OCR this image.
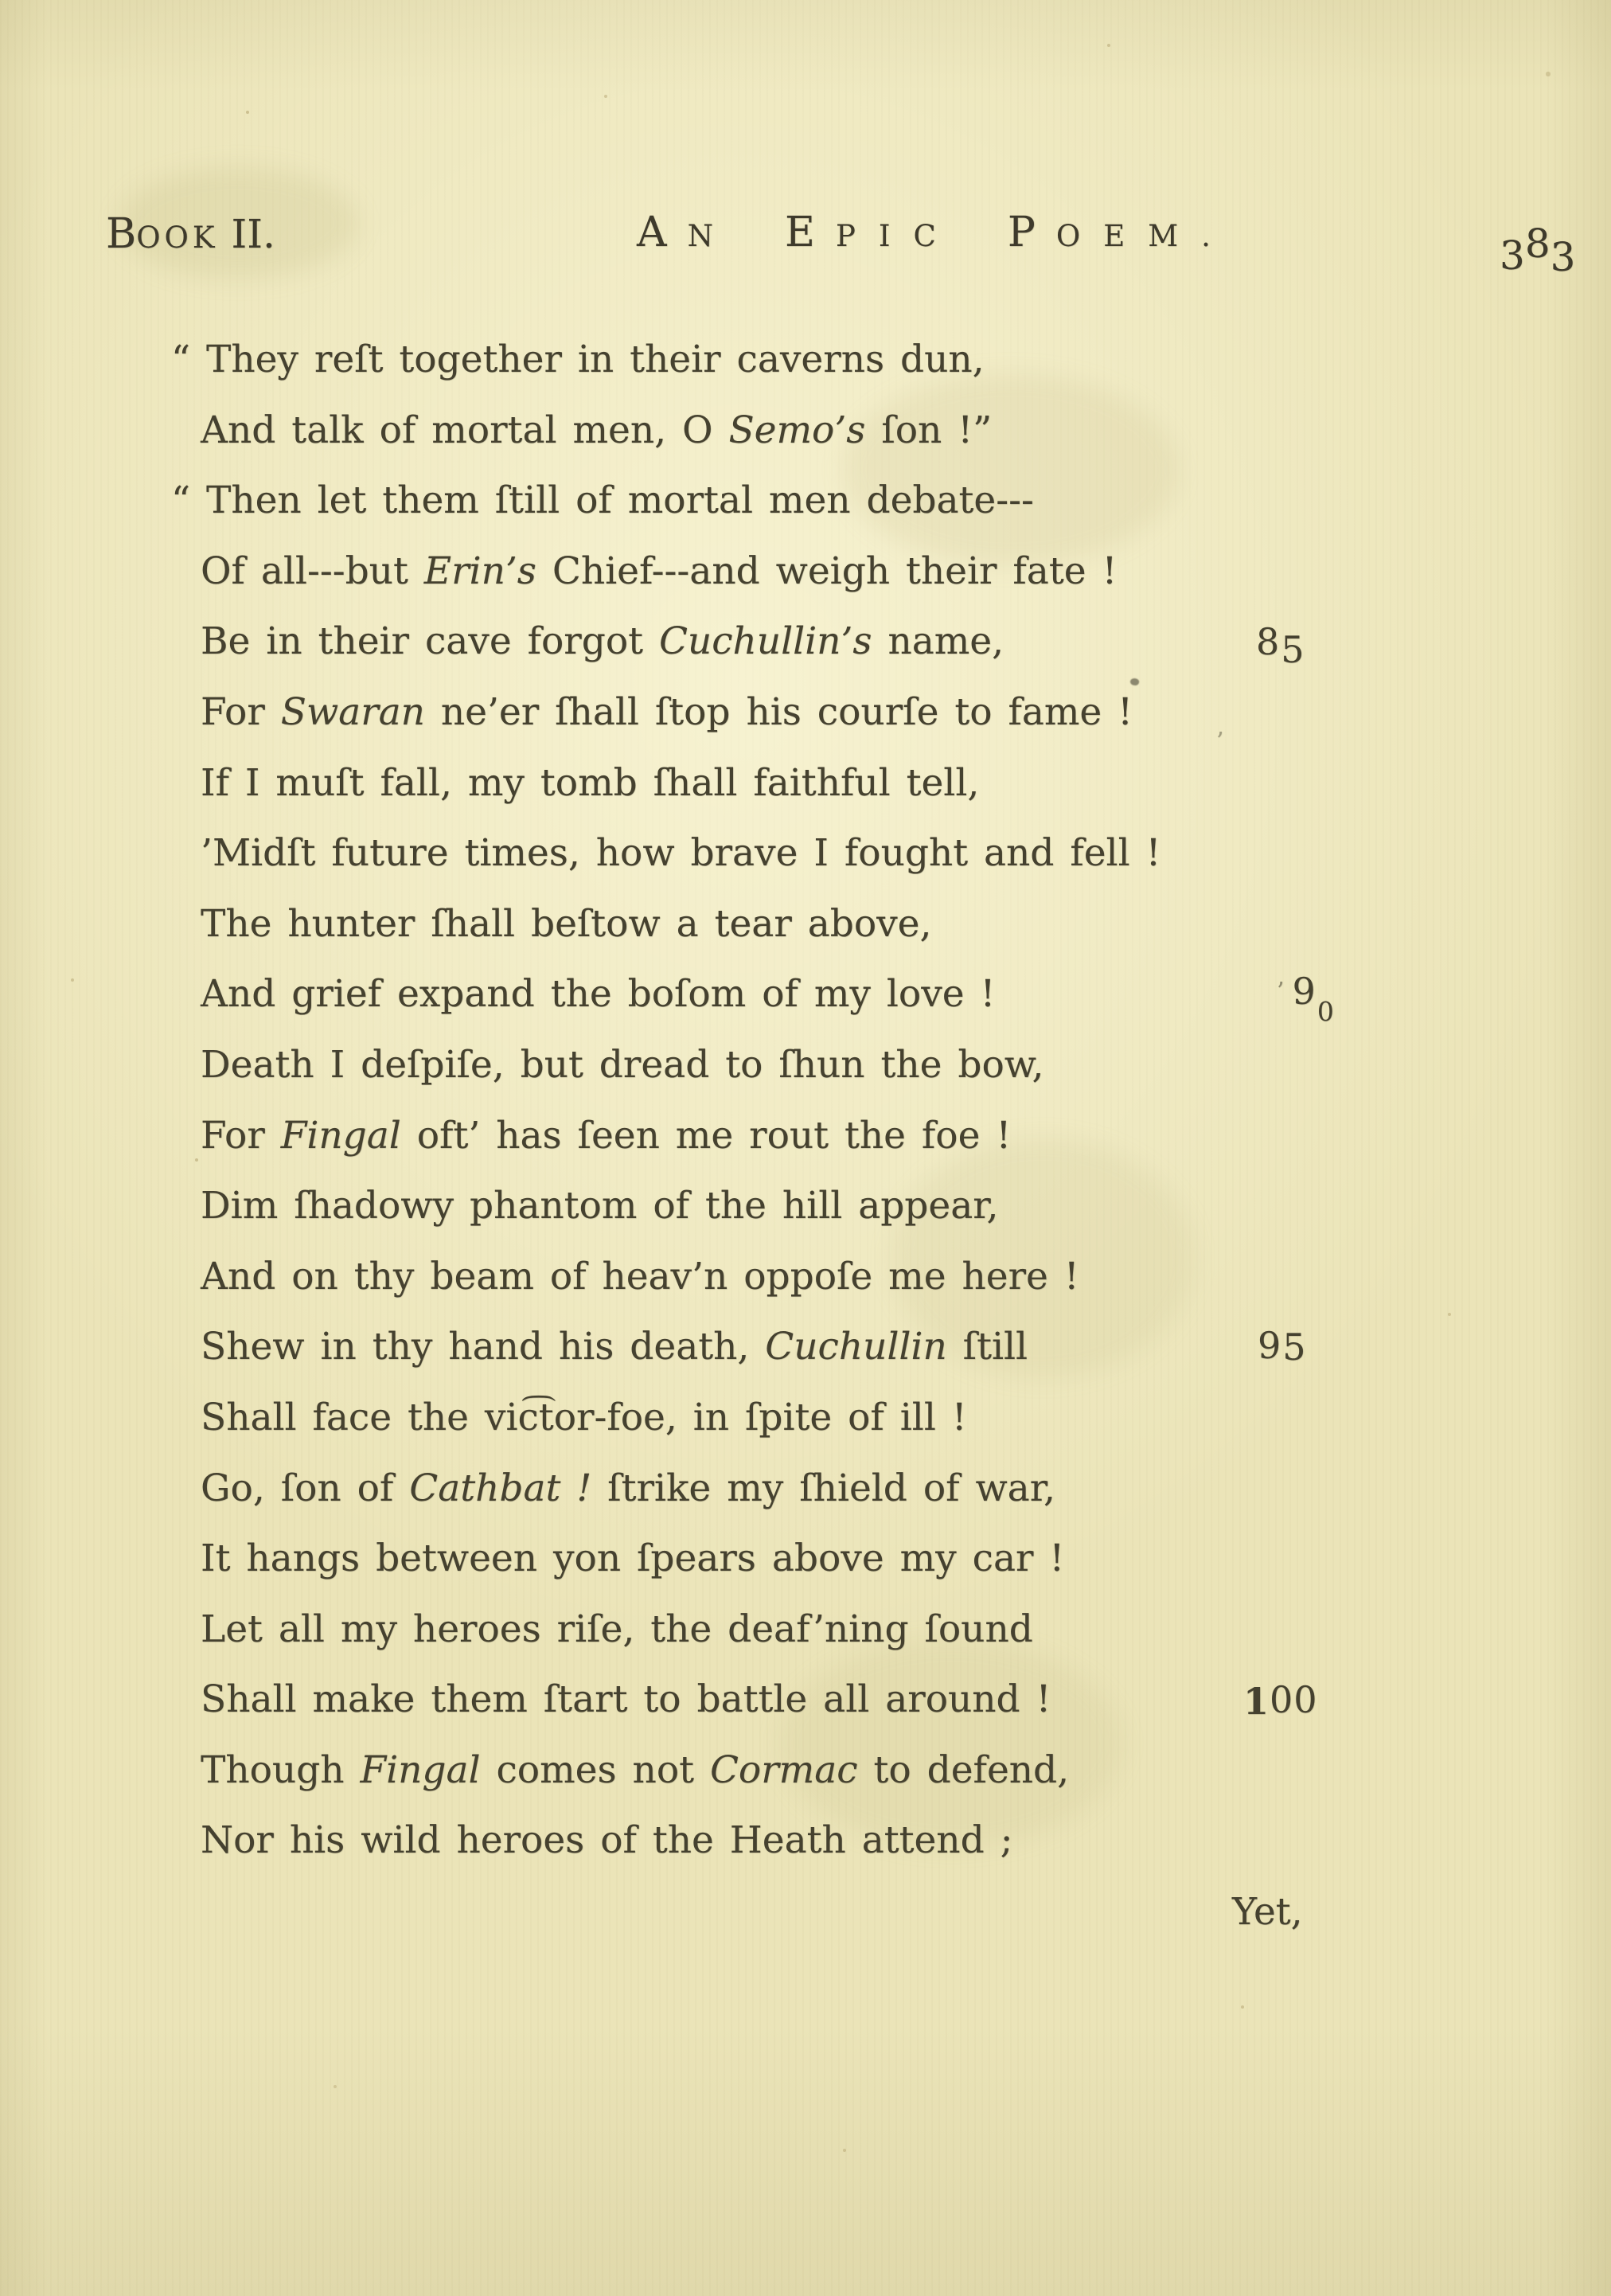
’
BOOK II.	A N E PIC P OEM.	383
“ They reſt together in their caverns dun,
And talk of mortal men, O Semo’s ſon !”
“ Then let them ſtill of mortal men debate---
Of all---but Erin’s Chief---and weigh their fate !
Be in their cave forgot Cuchullin’s name,	85
For Swaran ne’er ſhall ſtop his courſe to fame !
If I muſt fall, my tomb ſhall faithful tell,
’Midſt future times, how brave I fought and fell !
The hunter ſhall beſtow a tear above,
And grief expand the boſom of my love !	’ 90
Death I deſpiſe, but dread to ſhun the bow,
For Fingal oft’ has ſeen me rout the foe !
Dim ſhadowy phantom of the hill appear,
And on thy beam of heav’n oppoſe me here !
Shew in thy hand his death, Cuchullin ſtill	95
Shall face the vic͡tor-foe, in ſpite of ill !
Go, ſon of Cathbat ! ſtrike my ſhield of war,
It hangs between yon ſpears above my car !
Let all my heroes riſe, the deaf’ning ſound
Shall make them ſtart to battle all around !	100
Though Fingal comes not Cormac to defend,
Nor his wild heroes of the Heath attend ;
Yet,
